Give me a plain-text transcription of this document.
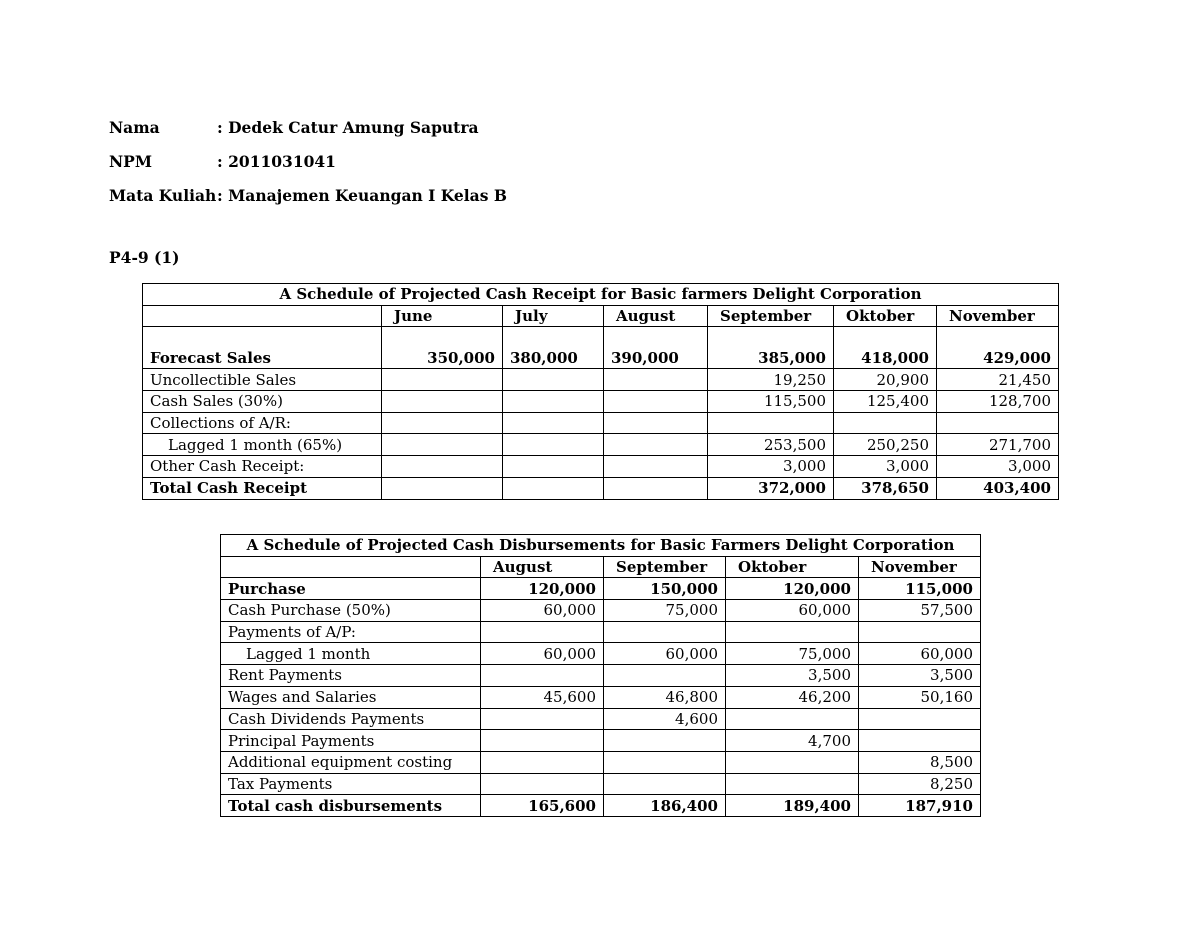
Nama	: Dedek Catur Amung Saputra
NPM	: 2011031041
Mata Kuliah : Manajemen Keuangan I Kelas B
P4-9 (1)
A Schedule of Projected Cash Receipt for Basic farmers Delight Corporation						
	June	July	August	September	Oktober	November
Forecast Sales	350,000	380,000	390,000	385,000	418,000	429,000
Uncollectible Sales				19,250	20,900	21,450
Cash Sales (30%)				115,500	125,400	128,700
Collections of A/R:						
Lagged 1 month (65%)				253,500	250,250	271,700
Other Cash Receipt:				3,000	3,000	3,000
Total Cash Receipt				372,000	378,650	403,400
A Schedule of Projected Cash Disbursements for Basic Farmers Delight Corporation				
	August	September	Oktober	November
Purchase	120,000	150,000	120,000	115,000
Cash Purchase (50%)	60,000	75,000	60,000	57,500
Payments of A/P:				
Lagged 1 month	60,000	60,000	75,000	60,000
Rent Payments			3,500	3,500
Wages and Salaries	45,600	46,800	46,200	50,160
Cash Dividends Payments		4,600		
Principal Payments			4,700	
Additional equipment costing				8,500
Tax Payments				8,250
Total cash disbursements	165,600	186,400	189,400	187,910
